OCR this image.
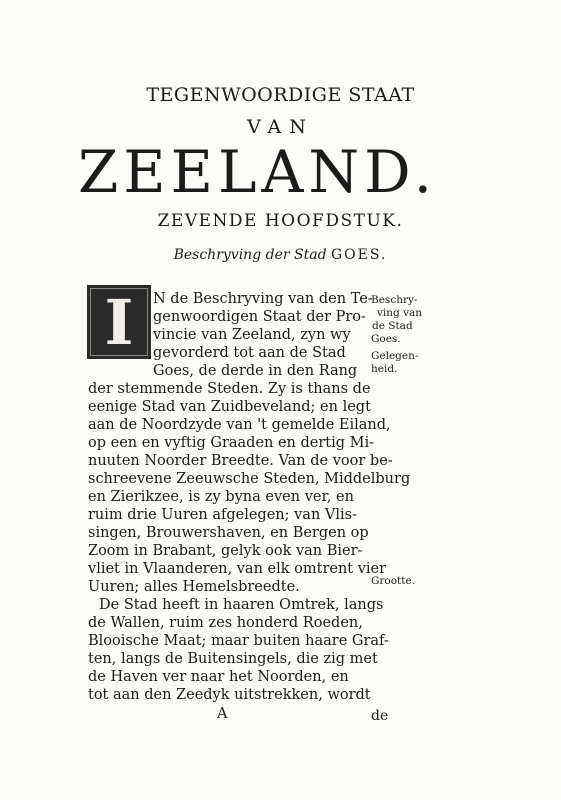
TEGENWOORDIGE STAAT
VAN
ZEELAND.
ZEVENDE HOOFDSTUK.
Beschryving der Stad GOES.
I	N de Beschryving van den Te-
genwoordigen Staat der Pro-
vincie van Zeeland, zyn wy
gevorderd tot aan de Stad
Goes, de derde in den Rang
der stemmende Steden. Zy is thans de
eenige Stad van Zuidbeveland; en legt
aan de Noordzyde van 't gemelde Eiland,
op een en vyftig Graaden en dertig Mi-
nuuten Noorder Breedte. Van de voor be-
schreevene Zeeuwsche Steden, Middelburg
en Zierikzee, is zy byna even ver, en
ruim drie Uuren afgelegen; van Vlis-
singen, Brouwershaven, en Bergen op
Zoom in Brabant, gelyk ook van Bier-
vliet in Vlaanderen, van elk omtrent vier
Uuren; alles Hemelsbreedte.
De Stad heeft in haaren Omtrek, langs
de Wallen, ruim zes honderd Roeden,
Blooische Maat; maar buiten haare Graf-
ten, langs de Buitensingels, die zig met
de Haven ver naar het Noorden, en
tot aan den Zeedyk uitstrekken, wordt
Beschry-
ving van
de Stad
Goes.
Gelegen-
heid.
Grootte.
A	de
